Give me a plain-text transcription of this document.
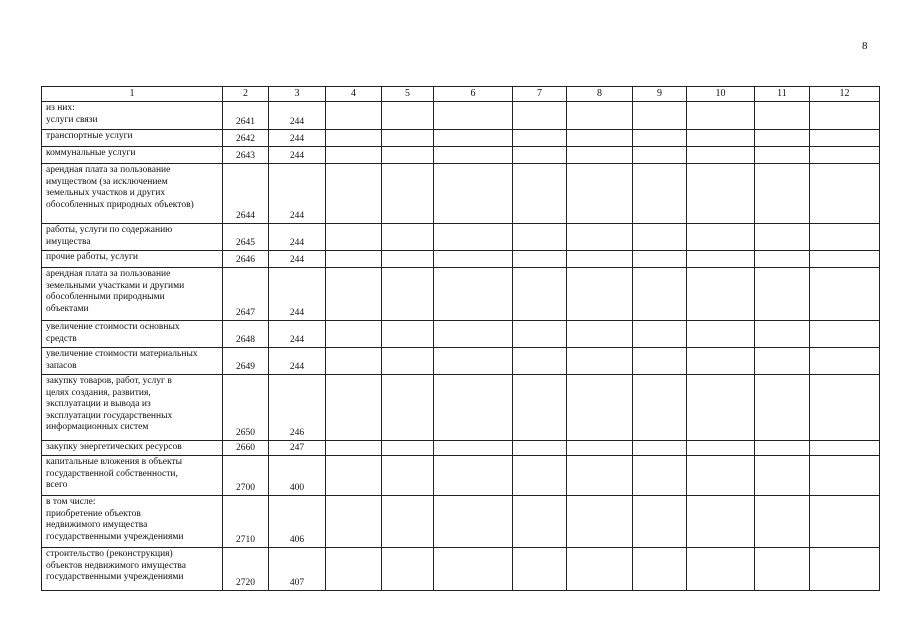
8
1	2	3	4	5	6	7	8	9	10	11	12
из них:
услуги связи	2641	244									
транспортные услуги	2642	244									
коммунальные услуги	2643	244									
арендная плата за пользование
имуществом (за исключением
земельных участков и других
обособленных природных объектов)	2644	244									
работы, услуги по содержанию
имущества	2645	244									
прочие работы, услуги	2646	244									
арендная плата за пользование
земельными участками и другими
обособленными природными
объектами	2647	244									
увеличение стоимости основных
средств	2648	244									
увеличение стоимости материальных
запасов	2649	244									
закупку товаров, работ, услуг в
целях создания, развития,
эксплуатации и вывода из
эксплуатации государственных
информационных систем	2650	246									
закупку энергетических ресурсов	2660	247									
капитальные вложения в объекты
государственной собственности,
всего	2700	400									
в том числе:
приобретение объектов
недвижимого имущества
государственными учреждениями	2710	406									
строительство (реконструкция)
объектов недвижимого имущества
государственными учреждениями	2720	407									
